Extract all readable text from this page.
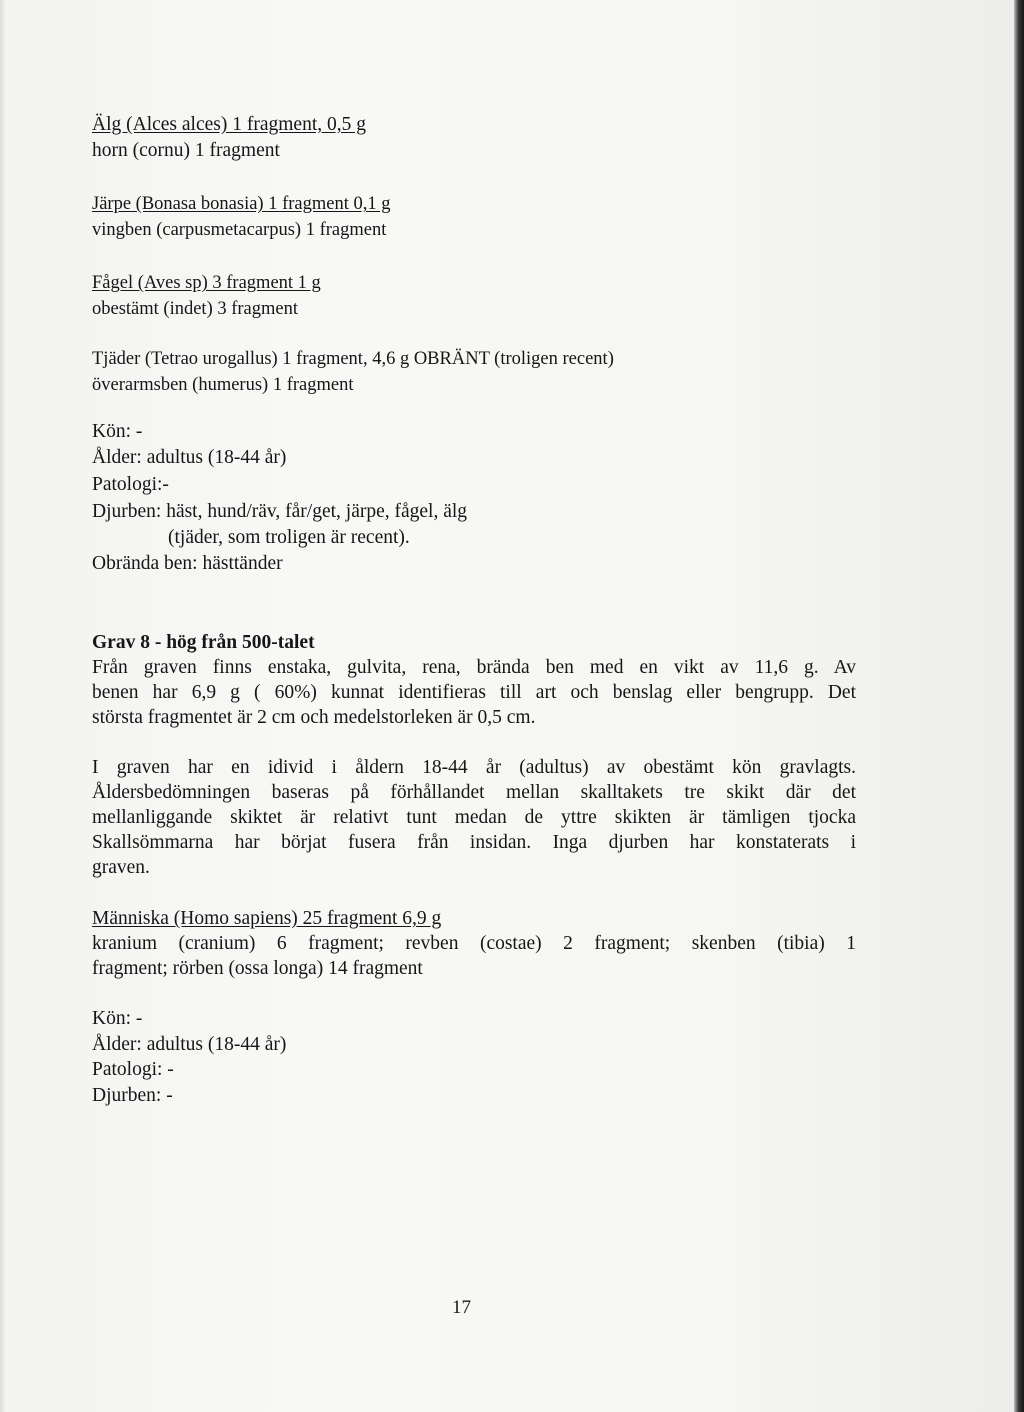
Älg (Alces alces) 1 fragment, 0,5 g

horn (cornu) 1 fragment

Järpe (Bonasa bonasia) 1 fragment 0,1 g

vingben (carpusmetacarpus) 1 fragment

Fågel (Aves sp) 3 fragment 1 g

obestämt (indet) 3 fragment

Tjäder (Tetrao urogallus) 1 fragment, 4,6 g OBRÄNT (troligen recent)

överarmsben (humerus) 1 fragment

Kön: -

Ålder: adultus (18-44 år)

Patologi:-

Djurben: häst, hund/räv, får/get, järpe, fågel, älg

(tjäder, som troligen är recent).

Obrända ben: hästtänder

Grav 8 - hög från 500-talet

Från graven finns enstaka, gulvita, rena, brända ben med en vikt av 11,6 g. Av

benen har 6,9 g ( 60%) kunnat identifieras till art och benslag eller bengrupp. Det

största fragmentet är 2 cm och medelstorleken är 0,5 cm.

I graven har en idivid i åldern 18-44 år (adultus) av obestämt kön gravlagts.

Åldersbedömningen baseras på förhållandet mellan skalltakets tre skikt där det

mellanliggande skiktet är relativt tunt medan de yttre skikten är tämligen tjocka

Skallsömmarna har börjat fusera från insidan. Inga djurben har konstaterats i

graven.

Människa (Homo sapiens) 25 fragment 6,9 g

kranium (cranium) 6 fragment; revben (costae) 2 fragment; skenben (tibia) 1

fragment; rörben (ossa longa) 14 fragment

Kön: -

Ålder: adultus (18-44 år)

Patologi: -

Djurben: -

17
